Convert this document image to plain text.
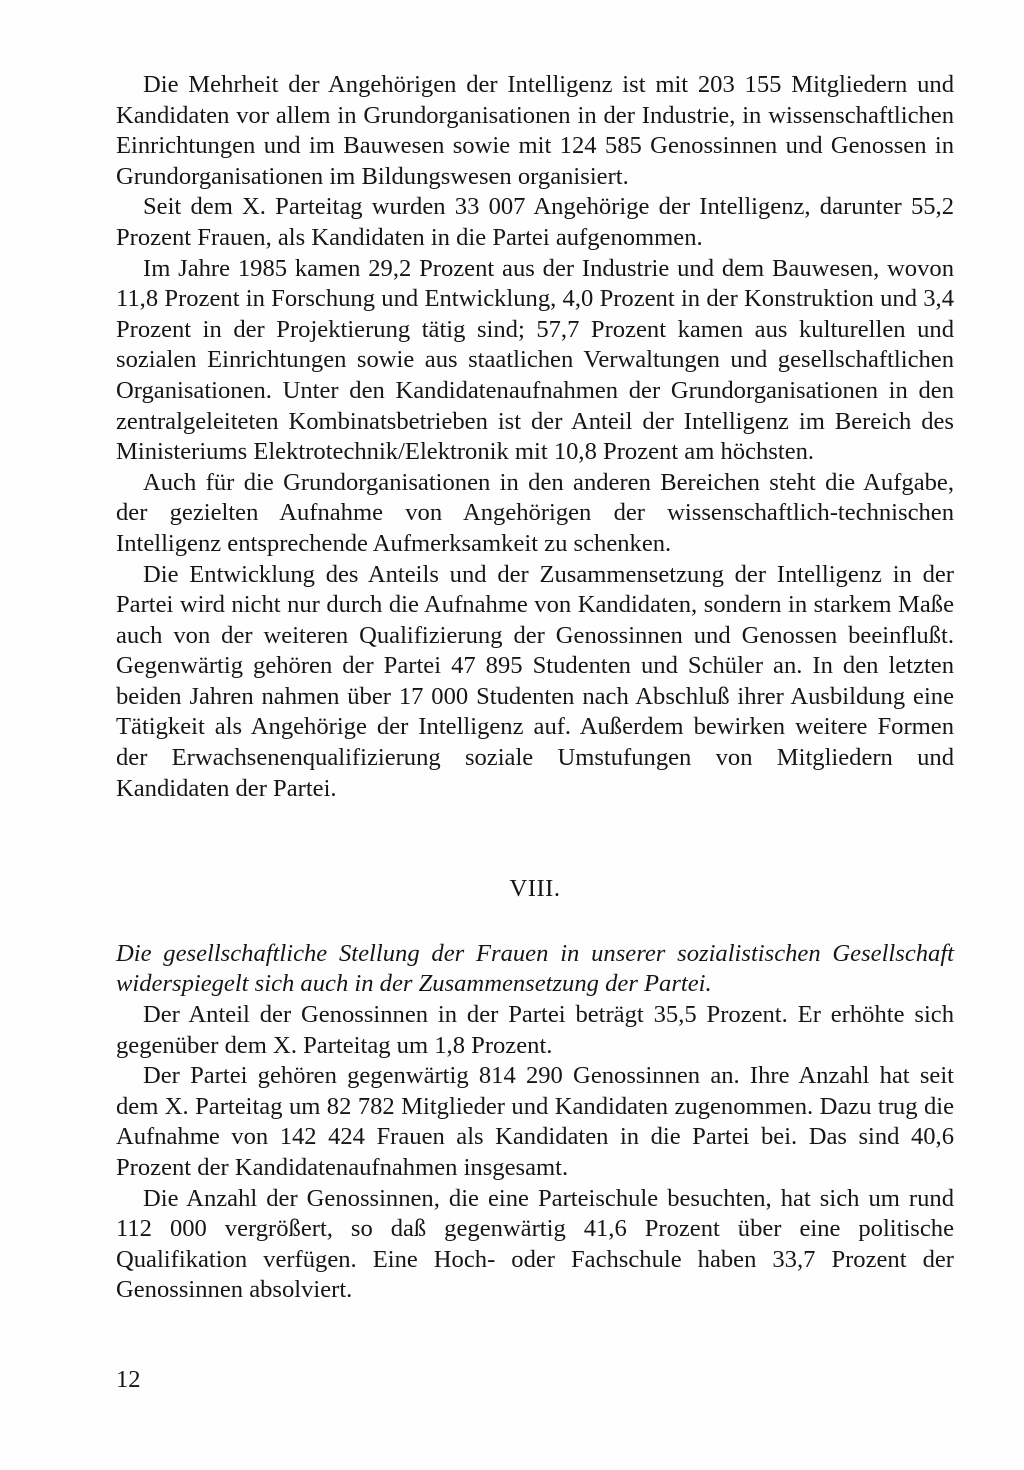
Die Mehrheit der Angehörigen der Intelligenz ist mit 203 155 Mitgliedern und Kandidaten vor allem in Grundorganisationen in der Industrie, in wissenschaftlichen Einrichtungen und im Bauwesen sowie mit 124 585 Genossinnen und Genossen in Grundorganisationen im Bildungswesen organisiert.

Seit dem X. Parteitag wurden 33 007 Angehörige der Intelligenz, darunter 55,2 Prozent Frauen, als Kandidaten in die Partei aufgenommen.

Im Jahre 1985 kamen 29,2 Prozent aus der Industrie und dem Bauwesen, wovon 11,8 Prozent in Forschung und Entwicklung, 4,0 Prozent in der Konstruktion und 3,4 Prozent in der Projektierung tätig sind; 57,7 Prozent kamen aus kulturellen und sozialen Einrichtungen sowie aus staatlichen Verwaltungen und gesellschaftlichen Organisationen. Unter den Kandidatenaufnahmen der Grundorganisationen in den zentralgeleiteten Kombinatsbetrieben ist der Anteil der Intelligenz im Bereich des Ministeriums Elektrotechnik/Elektronik mit 10,8 Prozent am höchsten.

Auch für die Grundorganisationen in den anderen Bereichen steht die Aufgabe, der gezielten Aufnahme von Angehörigen der wissenschaftlich-technischen Intelligenz entsprechende Aufmerksamkeit zu schenken.

Die Entwicklung des Anteils und der Zusammensetzung der Intelligenz in der Partei wird nicht nur durch die Aufnahme von Kandidaten, sondern in starkem Maße auch von der weiteren Qualifizierung der Genossinnen und Genossen beeinflußt. Gegenwärtig gehören der Partei 47 895 Studenten und Schüler an. In den letzten beiden Jahren nahmen über 17 000 Studenten nach Abschluß ihrer Ausbildung eine Tätigkeit als Angehörige der Intelligenz auf. Außerdem bewirken weitere Formen der Erwachsenenqualifizierung soziale Umstufungen von Mitgliedern und Kandidaten der Partei.

VIII.

Die gesellschaftliche Stellung der Frauen in unserer sozialistischen Gesellschaft widerspiegelt sich auch in der Zusammensetzung der Partei.

Der Anteil der Genossinnen in der Partei beträgt 35,5 Prozent. Er erhöhte sich gegenüber dem X. Parteitag um 1,8 Prozent.

Der Partei gehören gegenwärtig 814 290 Genossinnen an. Ihre Anzahl hat seit dem X. Parteitag um 82 782 Mitglieder und Kandidaten zugenommen. Dazu trug die Aufnahme von 142 424 Frauen als Kandidaten in die Partei bei. Das sind 40,6 Prozent der Kandidatenaufnahmen insgesamt.

Die Anzahl der Genossinnen, die eine Parteischule besuchten, hat sich um rund 112 000 vergrößert, so daß gegenwärtig 41,6 Prozent über eine politische Qualifikation verfügen. Eine Hoch- oder Fachschule haben 33,7 Prozent der Genossinnen absolviert.

12
